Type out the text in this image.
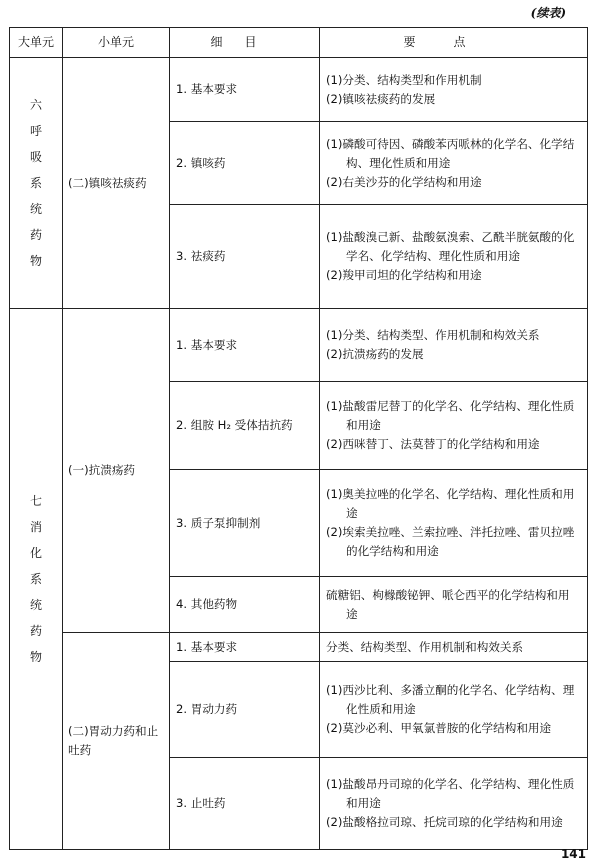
(续表)
大单元	小单元	细目	要点
六呼吸系统药物	(二)镇咳祛痰药	1. 基本要求	(1)分类、结构类型和作用机制
(2)镇咳祛痰药的发展

		2. 镇咳药	(1)磷酸可待因、磷酸苯丙哌林的化学名、化学结构、理化性质和用途
(2)右美沙芬的化学结构和用途

		3. 祛痰药	(1)盐酸溴己新、盐酸氨溴索、乙酰半胱氨酸的化学名、化学结构、理化性质和用途
(2)羧甲司坦的化学结构和用途

七消化系统药物	(一)抗溃疡药	1. 基本要求	(1)分类、结构类型、作用机制和构效关系
(2)抗溃疡药的发展

		2. 组胺 H₂ 受体拮抗药	(1)盐酸雷尼替丁的化学名、化学结构、理化性质和用途
(2)西咪替丁、法莫替丁的化学结构和用途

		3. 质子泵抑制剂	(1)奥美拉唑的化学名、化学结构、理化性质和用途
(2)埃索美拉唑、兰索拉唑、泮托拉唑、雷贝拉唑的化学结构和用途

		4. 其他药物	硫糖铝、枸橼酸铋钾、哌仑西平的化学结构和用途

	(二)胃动力药和止吐药	1. 基本要求	分类、结构类型、作用机制和构效关系

		2. 胃动力药	(1)西沙比利、多潘立酮的化学名、化学结构、理化性质和用途
(2)莫沙必利、甲氧氯普胺的化学结构和用途

		3. 止吐药	(1)盐酸昂丹司琼的化学名、化学结构、理化性质和用途
(2)盐酸格拉司琼、托烷司琼的化学结构和用途
141
